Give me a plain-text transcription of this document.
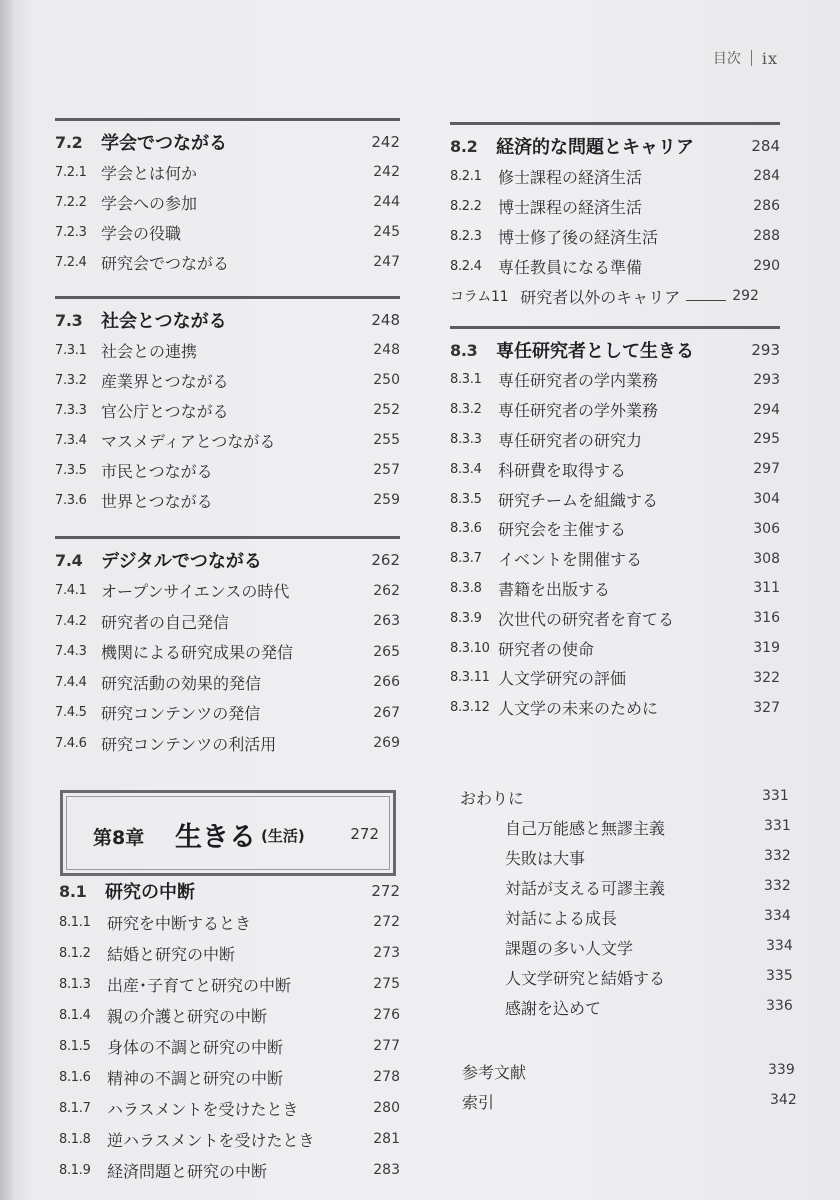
目次 ix
7.2	学会でつながる	242
7.2.1 学会とは何か	242
7.2.2 学会への参加	244
7.2.3 学会の役職	245
7.2.4 研究会でつながる	247
7.3	社会とつながる	248
7.3.1 社会との連携	248
7.3.2 産業界とつながる	250
7.3.3 官公庁とつながる	252
7.3.4 マスメディアとつながる	255
7.3.5 市民とつながる	257
7.3.6 世界とつながる	259
7.4	デジタルでつながる	262
7.4.1 オープンサイエンスの時代	262
7.4.2 研究者の自己発信	263
7.4.3 機関による研究成果の発信	265
7.4.4 研究活動の効果的発信	266
7.4.5 研究コンテンツの発信	267
7.4.6 研究コンテンツの利活用	269
8.1	研究の中断	272
8.1.1	研究を中断するとき	272
8.1.2	結婚と研究の中断	273
8.1.3	出産･子育てと研究の中断	275
8.1.4	親の介護と研究の中断	276
8.1.5	身体の不調と研究の中断	277
8.1.6	精神の不調と研究の中断	278
8.1.7	ハラスメントを受けたとき	280
8.1.8	逆ハラスメントを受けたとき	281
8.1.9	経済問題と研究の中断	283
第8章 生きる (生活)	272
8.2	経済的な問題とキャリア	284
8.2.1	修士課程の経済生活	284
8.2.2	博士課程の経済生活	286
8.2.3	博士修了後の経済生活	288
8.2.4	専任教員になる準備	290
コラム11 研究者以外のキャリア	292
8.3	専任研究者として生きる	293
8.3.1	専任研究者の学内業務	293
8.3.2	専任研究者の学外業務	294
8.3.3	専任研究者の研究力	295
8.3.4	科研費を取得する	297
8.3.5	研究チームを組織する	304
8.3.6	研究会を主催する	306
8.3.7	イベントを開催する	308
8.3.8	書籍を出版する	311
8.3.9	次世代の研究者を育てる	316
8.3.10 研究者の使命	319
8.3.11 人文学研究の評価	322
8.3.12 人文学の未来のために	327
おわりに	331
自己万能感と無謬主義	331
失敗は大事	332
対話が支える可謬主義	332
対話による成長	334
課題の多い人文学	334
人文学研究と結婚する	335
感謝を込めて	336
参考文献	339
索引	342
